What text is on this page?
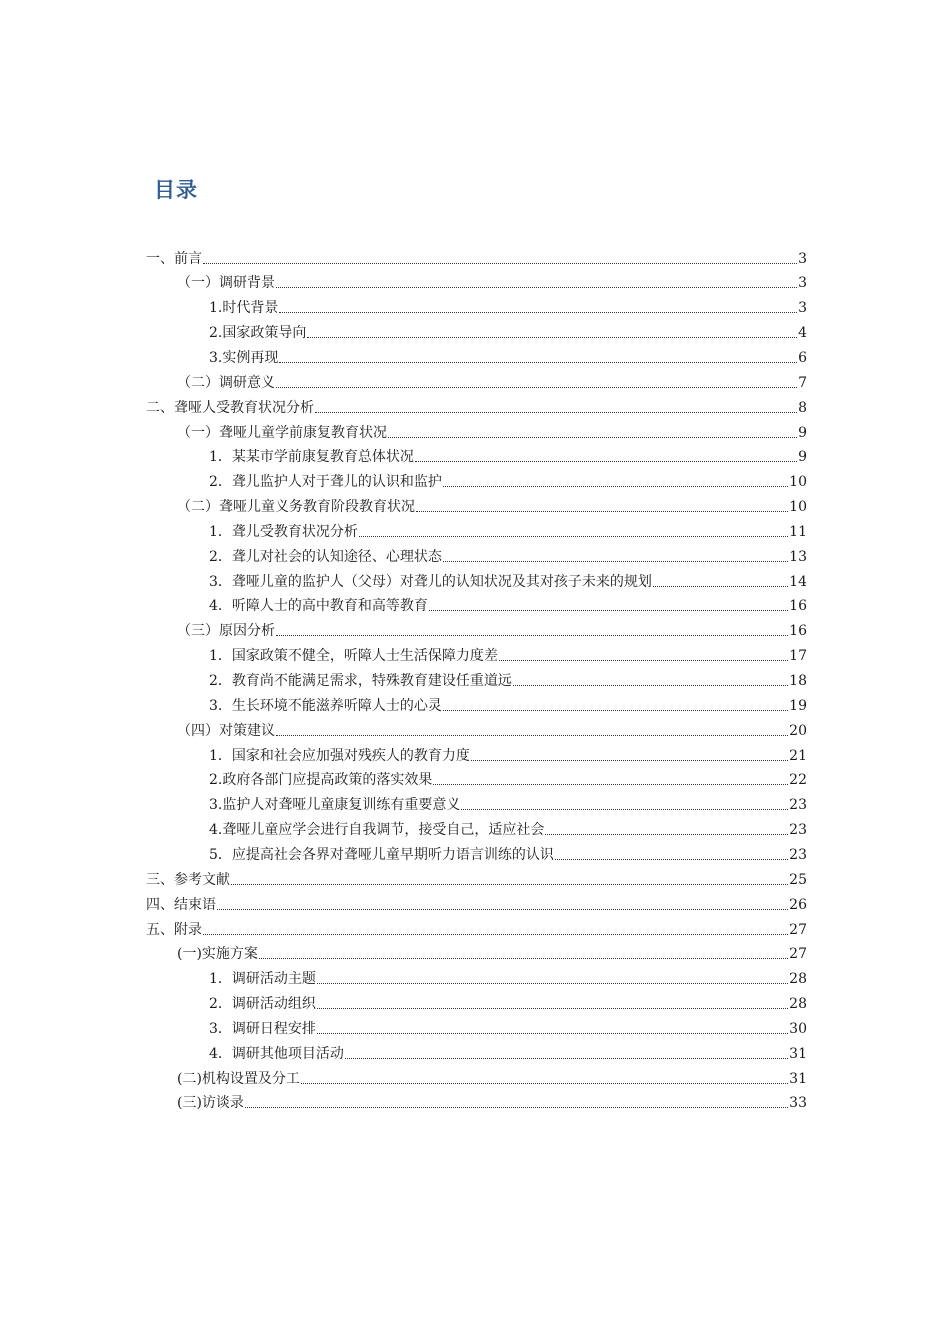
目录
一、前言	3
（一）调研背景	3
1.时代背景	3
2.国家政策导向	4
3.实例再现	6
（二）调研意义	7
二、聋哑人受教育状况分析	8
（一）聋哑儿童学前康复教育状况	9
1．某某市学前康复教育总体状况	9
2．聋儿监护人对于聋儿的认识和监护	10
（二）聋哑儿童义务教育阶段教育状况	10
1．聋儿受教育状况分析	11
2．聋儿对社会的认知途径、心理状态	13
3．聋哑儿童的监护人（父母）对聋儿的认知状况及其对孩子未来的规划	14
4．听障人士的高中教育和高等教育	16
（三）原因分析	16
1．国家政策不健全，听障人士生活保障力度差	17
2．教育尚不能满足需求，特殊教育建设任重道远	18
3．生长环境不能滋养听障人士的心灵	19
（四）对策建议	20
1．国家和社会应加强对残疾人的教育力度	21
2.政府各部门应提高政策的落实效果	22
3.监护人对聋哑儿童康复训练有重要意义	23
4.聋哑儿童应学会进行自我调节，接受自己，适应社会	23
5．应提高社会各界对聋哑儿童早期听力语言训练的认识	23
三、参考文献	25
四、结束语	26
五、附录	27
(一)实施方案	27
1．调研活动主题	28
2．调研活动组织	28
3．调研日程安排	30
4．调研其他项目活动	31
(二)机构设置及分工	31
(三)访谈录	33
